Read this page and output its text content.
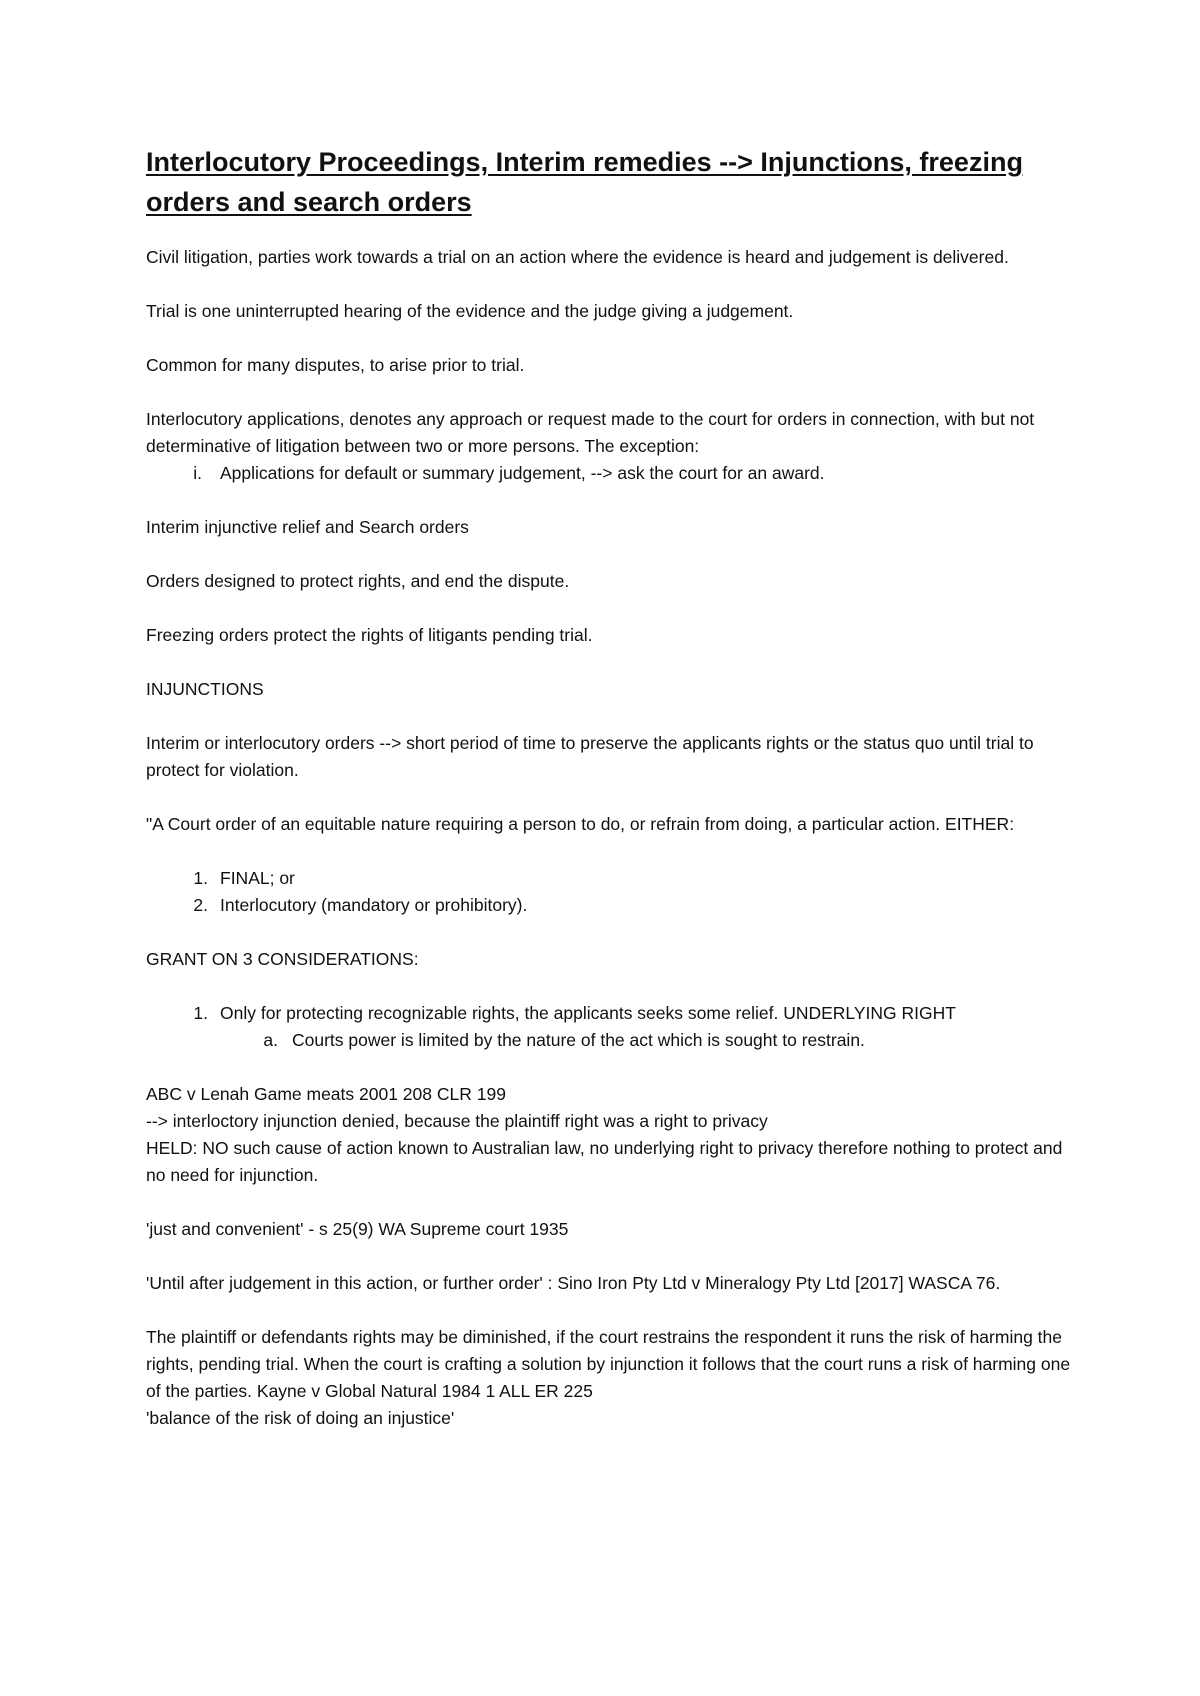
Interlocutory Proceedings, Interim remedies --> Injunctions, freezing orders and search orders

Civil litigation, parties work towards a trial on an action where the evidence is heard and judgement is delivered.

Trial is one uninterrupted hearing of the evidence and the judge giving a judgement.

Common for many disputes, to arise prior to trial.

Interlocutory applications, denotes any approach or request made to the court for orders in connection, with but not determinative of litigation between two or more persons. The exception:

i. Applications for default or summary judgement, --> ask the court for an award.

Interim injunctive relief and Search orders

Orders designed to protect rights, and end the dispute.

Freezing orders protect the rights of litigants pending trial.

INJUNCTIONS

Interim or interlocutory orders --> short period of time to preserve the applicants rights or the status quo until trial to protect for violation.

"A Court order of an equitable nature requiring a person to do, or refrain from doing, a particular action. EITHER:

1. FINAL; or
2. Interlocutory (mandatory or prohibitory).

GRANT ON 3 CONSIDERATIONS:

1. Only for protecting recognizable rights, the applicants seeks some relief. UNDERLYING RIGHT
a. Courts power is limited by the nature of the act which is sought to restrain.

ABC v Lenah Game meats 2001 208 CLR 199
--> interloctory injunction denied, because the plaintiff right was a right to privacy
HELD: NO such cause of action known to Australian law, no underlying right to privacy therefore nothing to protect and no need for injunction.

'just and convenient' - s 25(9) WA Supreme court 1935

'Until after judgement in this action, or further order' : Sino Iron Pty Ltd v Mineralogy Pty Ltd [2017] WASCA 76.

The plaintiff or defendants rights may be diminished, if the court restrains the respondent it runs the risk of harming the rights, pending trial. When the court is crafting a solution by injunction it follows that the court runs a risk of harming one of the parties. Kayne v Global Natural 1984 1 ALL ER 225
'balance of the risk of doing an injustice'
